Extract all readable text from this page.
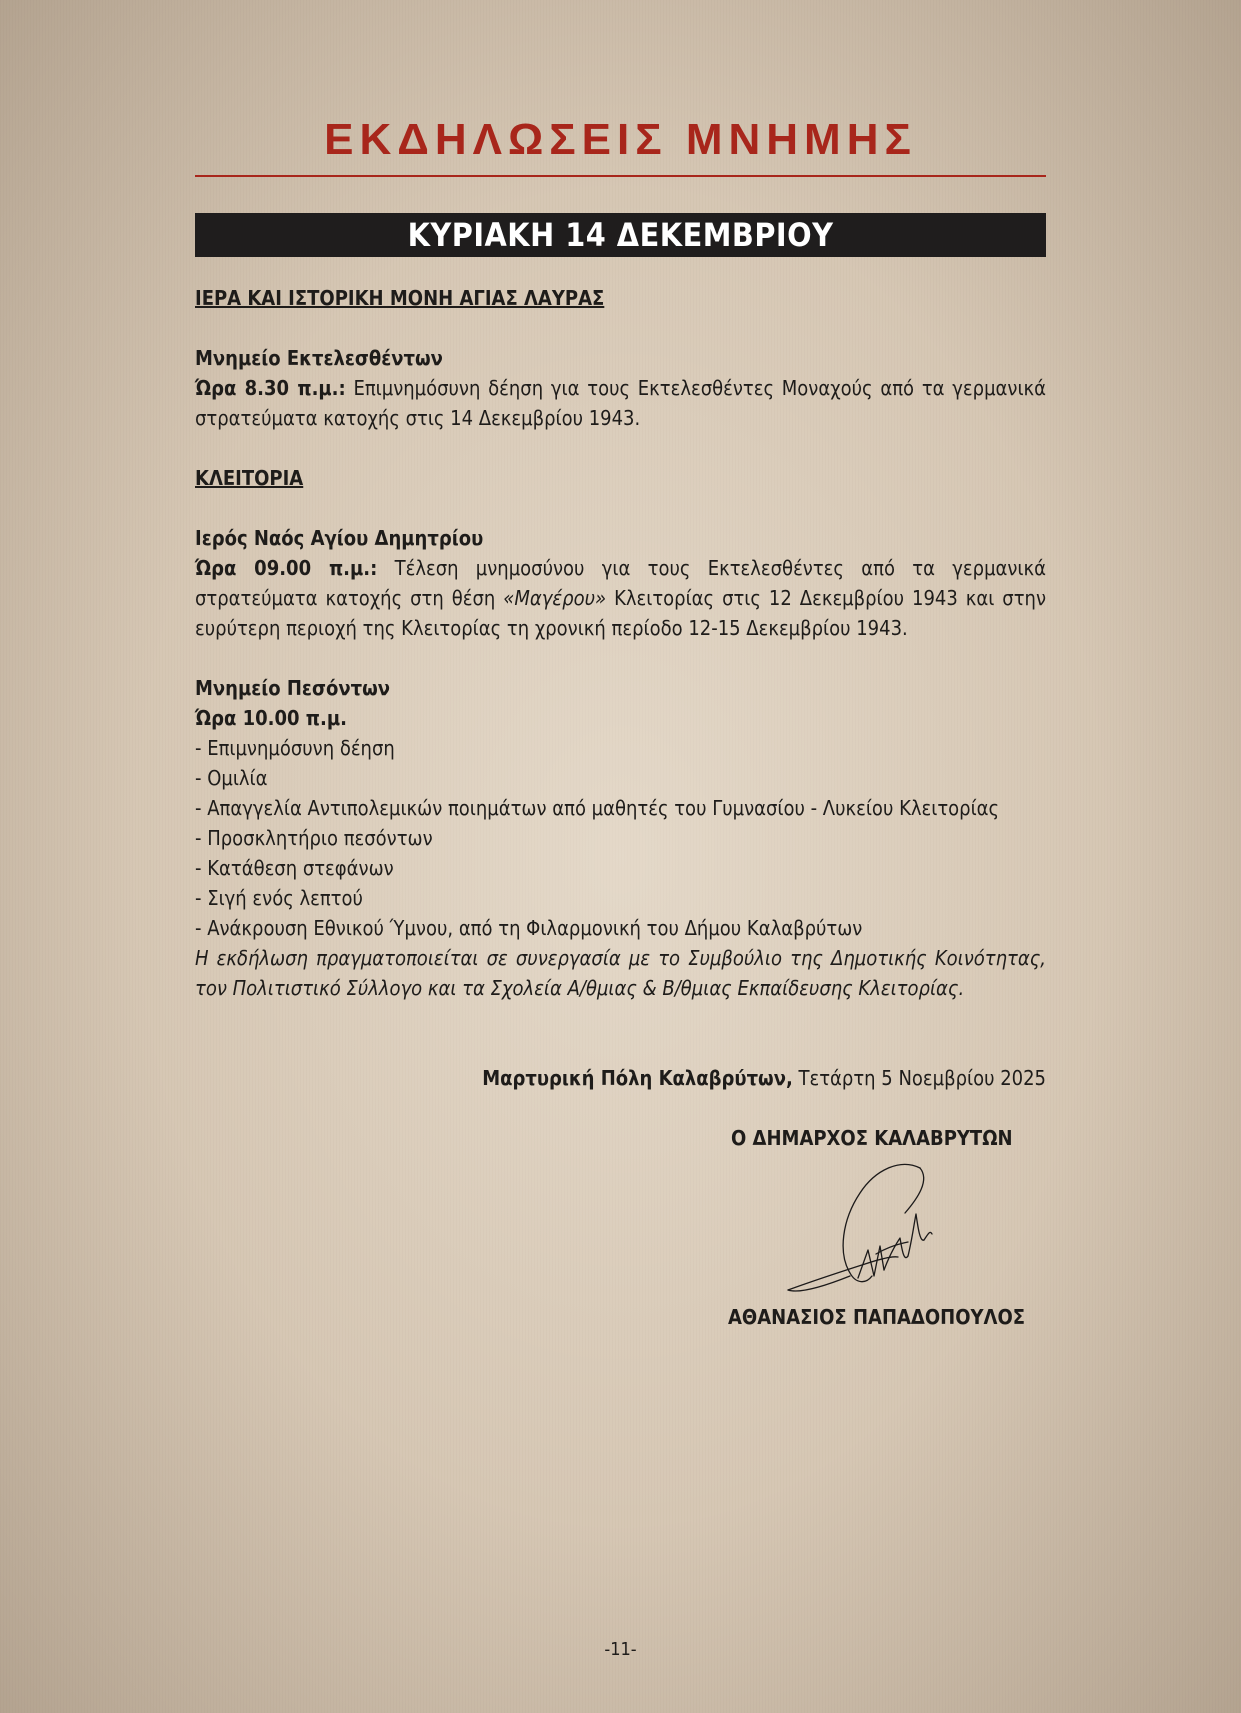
ΕΚΔΗΛΩΣΕΙΣ ΜΝΗΜΗΣ
ΚΥΡΙΑΚΗ 14 ΔΕΚΕΜΒΡΙΟΥ

ΙΕΡΑ ΚΑΙ ΙΣΤΟΡΙΚΗ ΜΟΝΗ ΑΓΙΑΣ ΛΑΥΡΑΣ

Μνημείο Εκτελεσθέντων

Ώρα 8.30 π.μ.: Επιμνημόσυνη δέηση για τους Εκτελεσθέντες Μοναχούς από τα γερμανικά στρατεύματα κατοχής στις 14 Δεκεμβρίου 1943.

ΚΛΕΙΤΟΡΙΑ

Ιερός Ναός Αγίου Δημητρίου

Ώρα 09.00 π.μ.: Τέλεση μνημοσύνου για τους Εκτελεσθέντες από τα γερμανικά στρατεύματα κατοχής στη θέση «Μαγέρου» Κλειτορίας στις 12 Δεκεμβρίου 1943 και στην ευρύτερη περιοχή της Κλειτορίας τη χρονική περίοδο 12-15 Δεκεμβρίου 1943.

Μνημείο Πεσόντων

Ώρα 10.00 π.μ.

- Επιμνημόσυνη δέηση

- Ομιλία

- Απαγγελία Αντιπολεμικών ποιημάτων από μαθητές του Γυμνασίου - Λυκείου Κλειτορίας

- Προσκλητήριο πεσόντων

- Κατάθεση στεφάνων

- Σιγή ενός λεπτού

- Ανάκρουση Εθνικού Ύμνου, από τη Φιλαρμονική του Δήμου Καλαβρύτων

Η εκδήλωση πραγματοποιείται σε συνεργασία με το Συμβούλιο της Δημοτικής Κοινότητας, τον Πολιτιστικό Σύλλογο και τα Σχολεία Α/θμιας & Β/θμιας Εκπαίδευσης Κλειτορίας.

Μαρτυρική Πόλη Καλαβρύτων, Τετάρτη 5 Νοεμβρίου 2025
Ο ΔΗΜΑΡΧΟΣ ΚΑΛΑΒΡΥΤΩΝ
ΑΘΑΝΑΣΙΟΣ ΠΑΠΑΔΟΠΟΥΛΟΣ
-11-
